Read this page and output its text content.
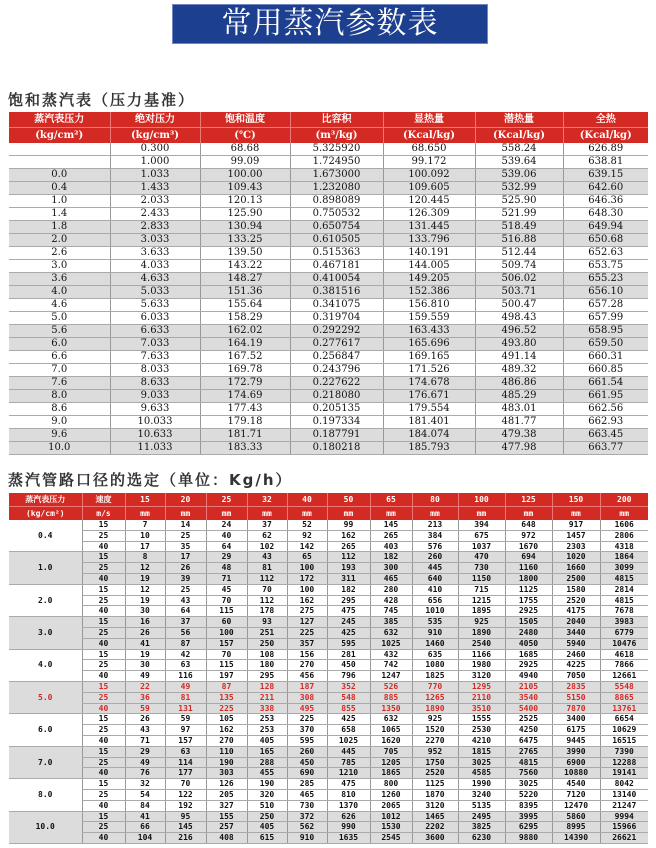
常用蒸汽参数表
饱和蒸汽表（压力基准）
蒸汽表压力	绝对压力	饱和温度	比容积	显热量	潜热量	全热
(kg/cm²)	(kg/cm³)	(℃)	(m³/kg)	(Kcal/kg)	(Kcal/kg)	(Kcal/kg)
	0.300	68.68	5.325920	68.650	558.24	626.89
	1.000	99.09	1.724950	99.172	539.64	638.81
0.0	1.033	100.00	1.673000	100.092	539.06	639.15
0.4	1.433	109.43	1.232080	109.605	532.99	642.60
1.0	2.033	120.13	0.898089	120.445	525.90	646.36
1.4	2.433	125.90	0.750532	126.309	521.99	648.30
1.8	2.833	130.94	0.650754	131.445	518.49	649.94
2.0	3.033	133.25	0.610505	133.796	516.88	650.68
2.6	3.633	139.50	0.515363	140.191	512.44	652.63
3.0	4.033	143.22	0.467181	144.005	509.74	653.75
3.6	4.633	148.27	0.410054	149.205	506.02	655.23
4.0	5.033	151.36	0.381516	152.386	503.71	656.10
4.6	5.633	155.64	0.341075	156.810	500.47	657.28
5.0	6.033	158.29	0.319704	159.559	498.43	657.99
5.6	6.633	162.02	0.292292	163.433	496.52	658.95
6.0	7.033	164.19	0.277617	165.696	493.80	659.50
6.6	7.633	167.52	0.256847	169.165	491.14	660.31
7.0	8.033	169.78	0.243796	171.526	489.32	660.85
7.6	8.633	172.79	0.227622	174.678	486.86	661.54
8.0	9.033	174.69	0.218080	176.671	485.29	661.95
8.6	9.633	177.43	0.205135	179.554	483.01	662.56
9.0	10.033	179.18	0.197334	181.401	481.77	662.93
9.6	10.633	181.71	0.187791	184.074	479.38	663.45
10.0	11.033	183.33	0.180218	185.793	477.98	663.77
蒸汽管路口径的选定（单位：Kg/h）
蒸汽表压力	速度	15	20	25	32	40	50	65	80	100	125	150	200
(kg/cm²)	m/s	mm	mm	mm	mm	mm	mm	mm	mm	mm	mm	mm	mm
0.4	15	7	14	24	37	52	99	145	213	394	648	917	1606
	25	10	25	40	62	92	162	265	384	675	972	1457	2806
	40	17	35	64	102	142	265	403	576	1037	1670	2303	4318
1.0	15	8	17	29	43	65	112	182	260	470	694	1020	1864
	25	12	26	48	81	100	193	300	445	730	1160	1660	3099
	40	19	39	71	112	172	311	465	640	1150	1800	2500	4815
2.0	15	12	25	45	70	100	182	280	410	715	1125	1580	2814
	25	19	43	70	112	162	295	428	656	1215	1755	2520	4815
	40	30	64	115	178	275	475	745	1010	1895	2925	4175	7678
3.0	15	16	37	60	93	127	245	385	535	925	1505	2040	3983
	25	26	56	100	251	225	425	632	910	1890	2480	3440	6779
	40	41	87	157	250	357	595	1025	1460	2540	4050	5940	10476
4.0	15	19	42	70	108	156	281	432	635	1166	1685	2460	4618
	25	30	63	115	180	270	450	742	1080	1980	2925	4225	7866
	40	49	116	197	295	456	796	1247	1825	3120	4940	7050	12661
5.0	15	22	49	87	128	187	352	526	770	1295	2105	2835	5548
	25	36	81	135	211	308	548	885	1265	2110	3540	5150	8865
	40	59	131	225	338	495	855	1350	1890	3510	5400	7870	13761
6.0	15	26	59	105	253	225	425	632	925	1555	2525	3400	6654
	25	43	97	162	253	370	658	1065	1520	2530	4250	6175	10629
	40	71	157	270	405	595	1025	1620	2270	4210	6475	9445	16515
7.0	15	29	63	110	165	260	445	705	952	1815	2765	3990	7390
	25	49	114	190	288	450	785	1205	1750	3025	4815	6900	12288
	40	76	177	303	455	690	1210	1865	2520	4585	7560	10880	19141
8.0	15	32	70	126	190	285	475	800	1125	1990	3025	4540	8042
	25	54	122	205	320	465	810	1260	1870	3240	5220	7120	13140
	40	84	192	327	510	730	1370	2065	3120	5135	8395	12470	21247
10.0	15	41	95	155	250	372	626	1012	1465	2495	3995	5860	9994
	25	66	145	257	405	562	990	1530	2202	3825	6295	8995	15966
	40	104	216	408	615	910	1635	2545	3600	6230	9880	14390	26621
